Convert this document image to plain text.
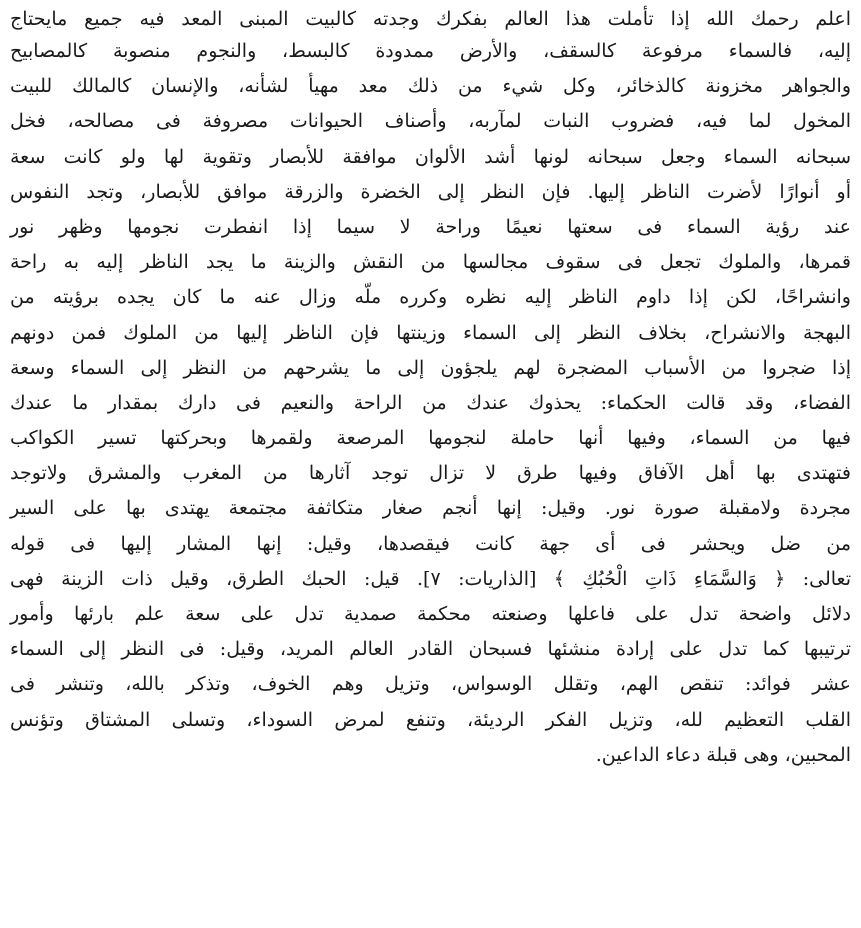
اعلم رحمك الله إذا تأملت هذا العالم بفكرك وجدته كالبيت المبنى المعد فيه جميع مايحتاج
إليه، فالسماء مرفوعة كالسقف، والأرض ممدودة كالبسط، والنجوم منصوبة كالمصابيح
والجواهر مخزونة كالذخائر، وكل شيء من ذلك معد مهيأ لشأنه، والإنسان كالمالك للبيت
المخول لما فيه، فضروب النبات لمآربه، وأصناف الحيوانات مصروفة فى مصالحه، فخل
سبحانه السماء وجعل سبحانه لونها أشد الألوان موافقة للأبصار وتقوية لها ولو كانت سعة
أو أنوارًا لأضرت الناظر إليها. فإن النظر إلى الخضرة والزرقة موافق للأبصار، وتجد النفوس
عند رؤية السماء فى سعتها نعيمًا وراحة لا سيما إذا انفطرت نجومها وظهر نور
قمرها، والملوك تجعل فى سقوف مجالسها من النقش والزينة ما يجد الناظر إليه به راحة
وانشراحًا، لكن إذا داوم الناظر إليه نظره وكرره ملّه وزال عنه ما كان يجده برؤيته من
البهجة والانشراح، بخلاف النظر إلى السماء وزينتها فإن الناظر إليها من الملوك فمن دونهم
إذا ضجروا من الأسباب المضجرة لهم يلجؤون إلى ما يشرحهم من النظر إلى السماء وسعة
الفضاء، وقد قالت الحكماء: يحذوك عندك من الراحة والنعيم فى دارك بمقدار ما عندك
فيها من السماء، وفيها أنها حاملة لنجومها المرصعة ولقمرها وبحركتها تسير الكواكب
فتهتدى بها أهل الآفاق وفيها طرق لا تزال توجد آثارها من المغرب والمشرق ولاتوجد
مجردة ولامقبلة صورة نور. وقيل: إنها أنجم صغار متكاثفة مجتمعة يهتدى بها على السير
من ضل ويحشر فى أى جهة كانت فيقصدها، وقيل: إنها المشار إليها فى قوله
تعالى: ﴿ وَالسَّمَاءِ ذَاتِ الْحُبُكِ ﴾ [الذاريات: ٧]. قيل: الحبك الطرق، وقيل ذات الزينة فهى
دلائل واضحة تدل على فاعلها وصنعته محكمة صمدية تدل على سعة علم بارئها وأمور
ترتيبها كما تدل على إرادة منشئها فسبحان القادر العالم المريد، وقيل: فى النظر إلى السماء
عشر فوائد: تنقص الهم، وتقلل الوسواس، وتزيل وهم الخوف، وتذكر بالله، وتنشر فى
القلب التعظيم لله، وتزيل الفكر الرديئة، وتنفع لمرض السوداء، وتسلى المشتاق وتؤنس
المحبين، وهى قبلة دعاء الداعين.
